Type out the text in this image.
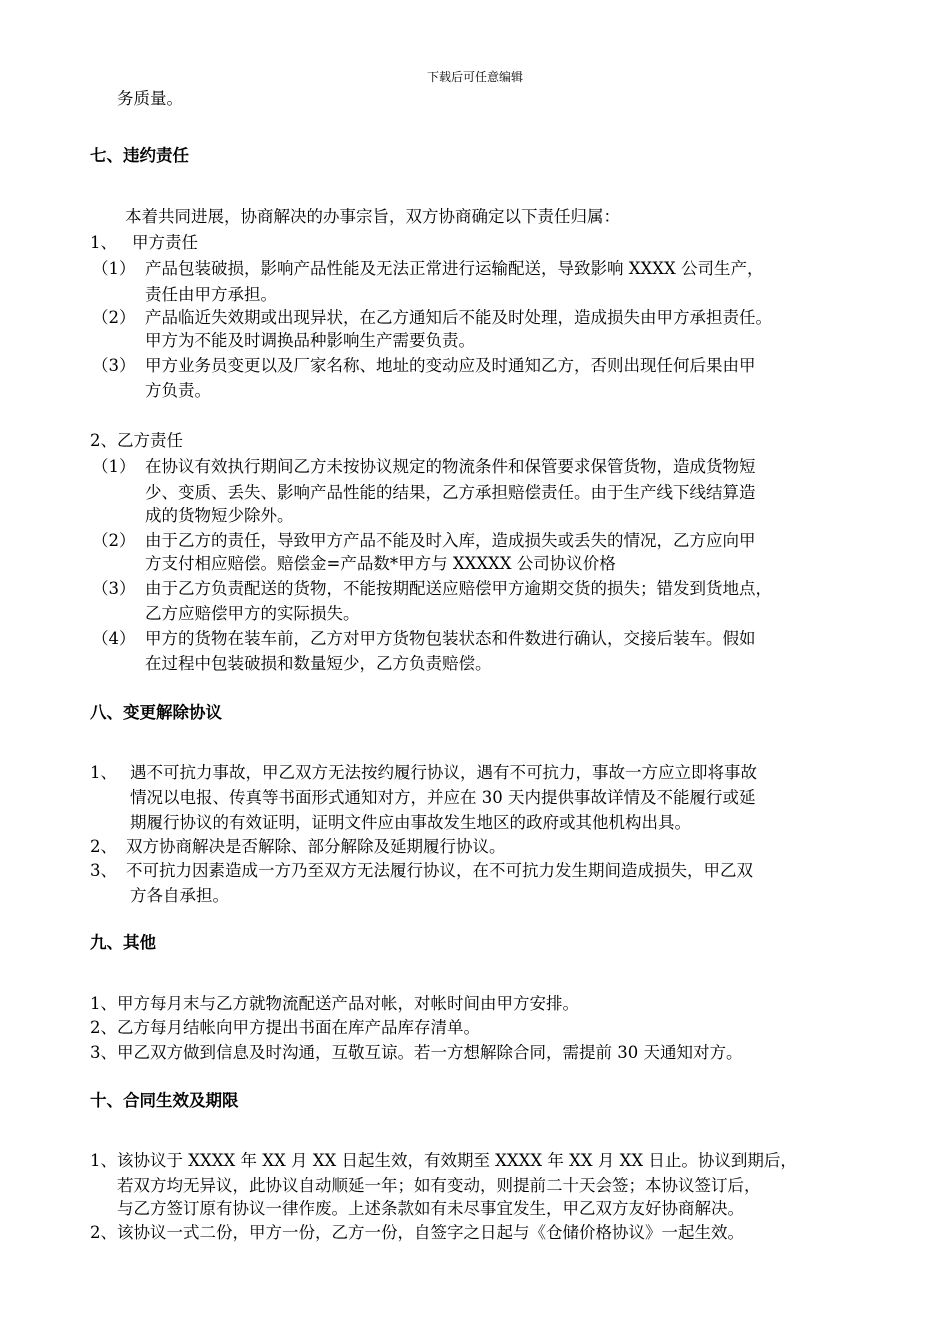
下载后可任意编辑
务质量。
七、违约责任
本着共同进展，协商解决的办事宗旨，双方协商确定以下责任归属：
1、 甲方责任
（1） 产品包装破损，影响产品性能及无法正常进行运输配送，导致影响 XXXX 公司生产，
责任由甲方承担。
（2） 产品临近失效期或出现异状，在乙方通知后不能及时处理，造成损失由甲方承担责任。
甲方为不能及时调换品种影响生产需要负责。
（3） 甲方业务员变更以及厂家名称、地址的变动应及时通知乙方，否则出现任何后果由甲
方负责。
2、乙方责任
（1） 在协议有效执行期间乙方未按协议规定的物流条件和保管要求保管货物，造成货物短
少、变质、丢失、影响产品性能的结果，乙方承担赔偿责任。由于生产线下线结算造
成的货物短少除外。
（2） 由于乙方的责任，导致甲方产品不能及时入库，造成损失或丢失的情况，乙方应向甲
方支付相应赔偿。赔偿金=产品数*甲方与 XXXXX 公司协议价格
（3） 由于乙方负责配送的货物，不能按期配送应赔偿甲方逾期交货的损失；错发到货地点，
乙方应赔偿甲方的实际损失。
（4） 甲方的货物在装车前，乙方对甲方货物包装状态和件数进行确认，交接后装车。假如
在过程中包装破损和数量短少，乙方负责赔偿。
八、变更解除协议
1、 遇不可抗力事故，甲乙双方无法按约履行协议，遇有不可抗力，事故一方应立即将事故
情况以电报、传真等书面形式通知对方，并应在 30 天内提供事故详情及不能履行或延
期履行协议的有效证明，证明文件应由事故发生地区的政府或其他机构出具。
2、 双方协商解决是否解除、部分解除及延期履行协议。
3、 不可抗力因素造成一方乃至双方无法履行协议，在不可抗力发生期间造成损失，甲乙双
方各自承担。
九、其他
1、甲方每月末与乙方就物流配送产品对帐，对帐时间由甲方安排。
2、乙方每月结帐向甲方提出书面在库产品库存清单。
3、甲乙双方做到信息及时沟通，互敬互谅。若一方想解除合同，需提前 30 天通知对方。
十、合同生效及期限
1、该协议于 XXXX 年 XX 月 XX 日起生效，有效期至 XXXX 年 XX 月 XX 日止。协议到期后，
若双方均无异议，此协议自动顺延一年；如有变动，则提前二十天会签；本协议签订后，
与乙方签订原有协议一律作废。上述条款如有未尽事宜发生，甲乙双方友好协商解决。
2、该协议一式二份，甲方一份，乙方一份，自签字之日起与《仓储价格协议》一起生效。
